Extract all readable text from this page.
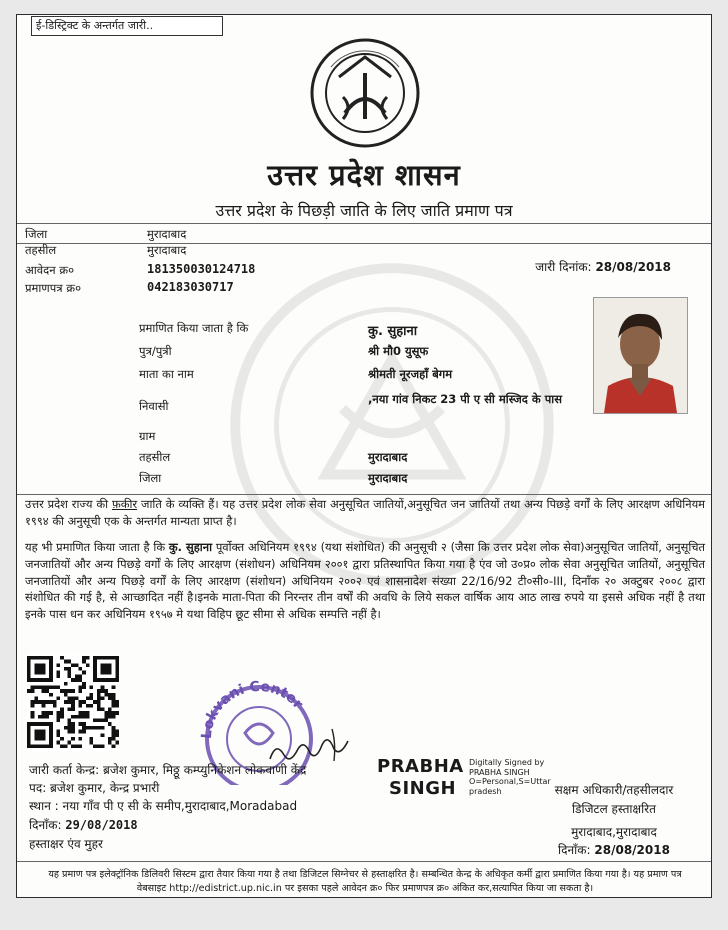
ई-डिस्ट्रिक्ट के अन्तर्गत जारी..
उत्तर प्रदेश शासन
उत्तर प्रदेश के पिछड़ी जाति के लिए जाति प्रमाण पत्र
जिला	मुरादाबाद
तहसील	मुरादाबाद
आवेदन क्र०	181350030124718
प्रमाणपत्र क्र०	042183030717
जारी दिनांक: 28/08/2018
प्रमाणित किया जाता है कि	कु. सुहाना
पुत्र/पुत्री	श्री मौ0 युसूफ
माता का नाम	श्रीमती नूरजहाँ बेगम
निवासी	,नया गांव निकट 23 पी ए सी मस्जिद के पास
ग्राम	
तहसील	मुरादाबाद
जिला	मुरादाबाद

उत्तर प्रदेश राज्य की फ़कीर जाति के व्यक्ति हैं। यह उत्तर प्रदेश लोक सेवा अनुसूचित जातियों,अनुसूचित जन जातियों तथा अन्य पिछड़े वर्गों के लिए आरक्षण अधिनियम १९९४ की अनुसूची एक के अन्तर्गत मान्यता प्राप्त है।

यह भी प्रमाणित किया जाता है कि कु. सुहाना पूर्वोक्त अधिनियम १९९४ (यथा संशोधित) की अनुसूची २ (जैसा कि उत्तर प्रदेश लोक सेवा)अनुसूचित जातियों, अनुसूचित जनजातियों और अन्य पिछड़े वर्गों के लिए आरक्षण (संशोधन) अधिनियम २००१ द्वारा प्रतिस्थापित किया गया है एंव जो उ०प्र० लोक सेवा अनुसूचित जातियों, अनुसूचित जनजातियों और अन्य पिछड़े वर्गों के लिए आरक्षण (संशोधन) अधिनियम २००२ एवं शासनादेश संख्या 22/16/92 टी०सी०-III, दिनाँक २० अक्टुबर २००८ द्वारा संशोधित की गई है, से आच्छादित नहीं है।इनके माता-पिता की निरन्तर तीन वर्षों की अवधि के लिये सकल वार्षिक आय आठ लाख रुपये या इससे अधिक नहीं है तथा इनके पास धन कर अधिनियम १९५७ मे यथा विहिप छूट सीमा से अधिक सम्पत्ति नहीं है।

Lokvani Center
जारी कर्ता केन्द्र: ब्रजेश कुमार, मिठ्ठू कम्प्युनिकेशन लोकवाणी केंद्र
पद: ब्रजेश कुमार, केन्द्र प्रभारी
स्थान : नया गाँव पी ए सी के समीप,मुरादाबाद,Moradabad
दिनाँक: 29/08/2018
हस्ताक्षर एंव मुहर
PRABHA
SINGH
Digitally Signed by
PRABHA SINGH
O=Personal,S=Uttar
pradesh	सक्षम अधिकारी/तहसीलदार
डिजिटल हस्ताक्षरित
मुरादाबाद,मुरादाबाद
दिनाँक: 28/08/2018

यह प्रमाण पत्र इलेक्ट्रॉनिक डिलिवरी सिस्टम द्वारा तैयार किया गया है तथा डिजिटल सिग्नेचर से हस्ताक्षरित है। सम्बन्धित केन्द्र के अधिकृत कर्मी द्वारा प्रमाणित किया गया है। यह प्रमाण पत्र वेबसाइट http://edistrict.up.nic.in पर इसका पहले आवेदन क्र० फिर प्रमाणपत्र क्र० अंकित कर,सत्यापित किया जा सकता है।
